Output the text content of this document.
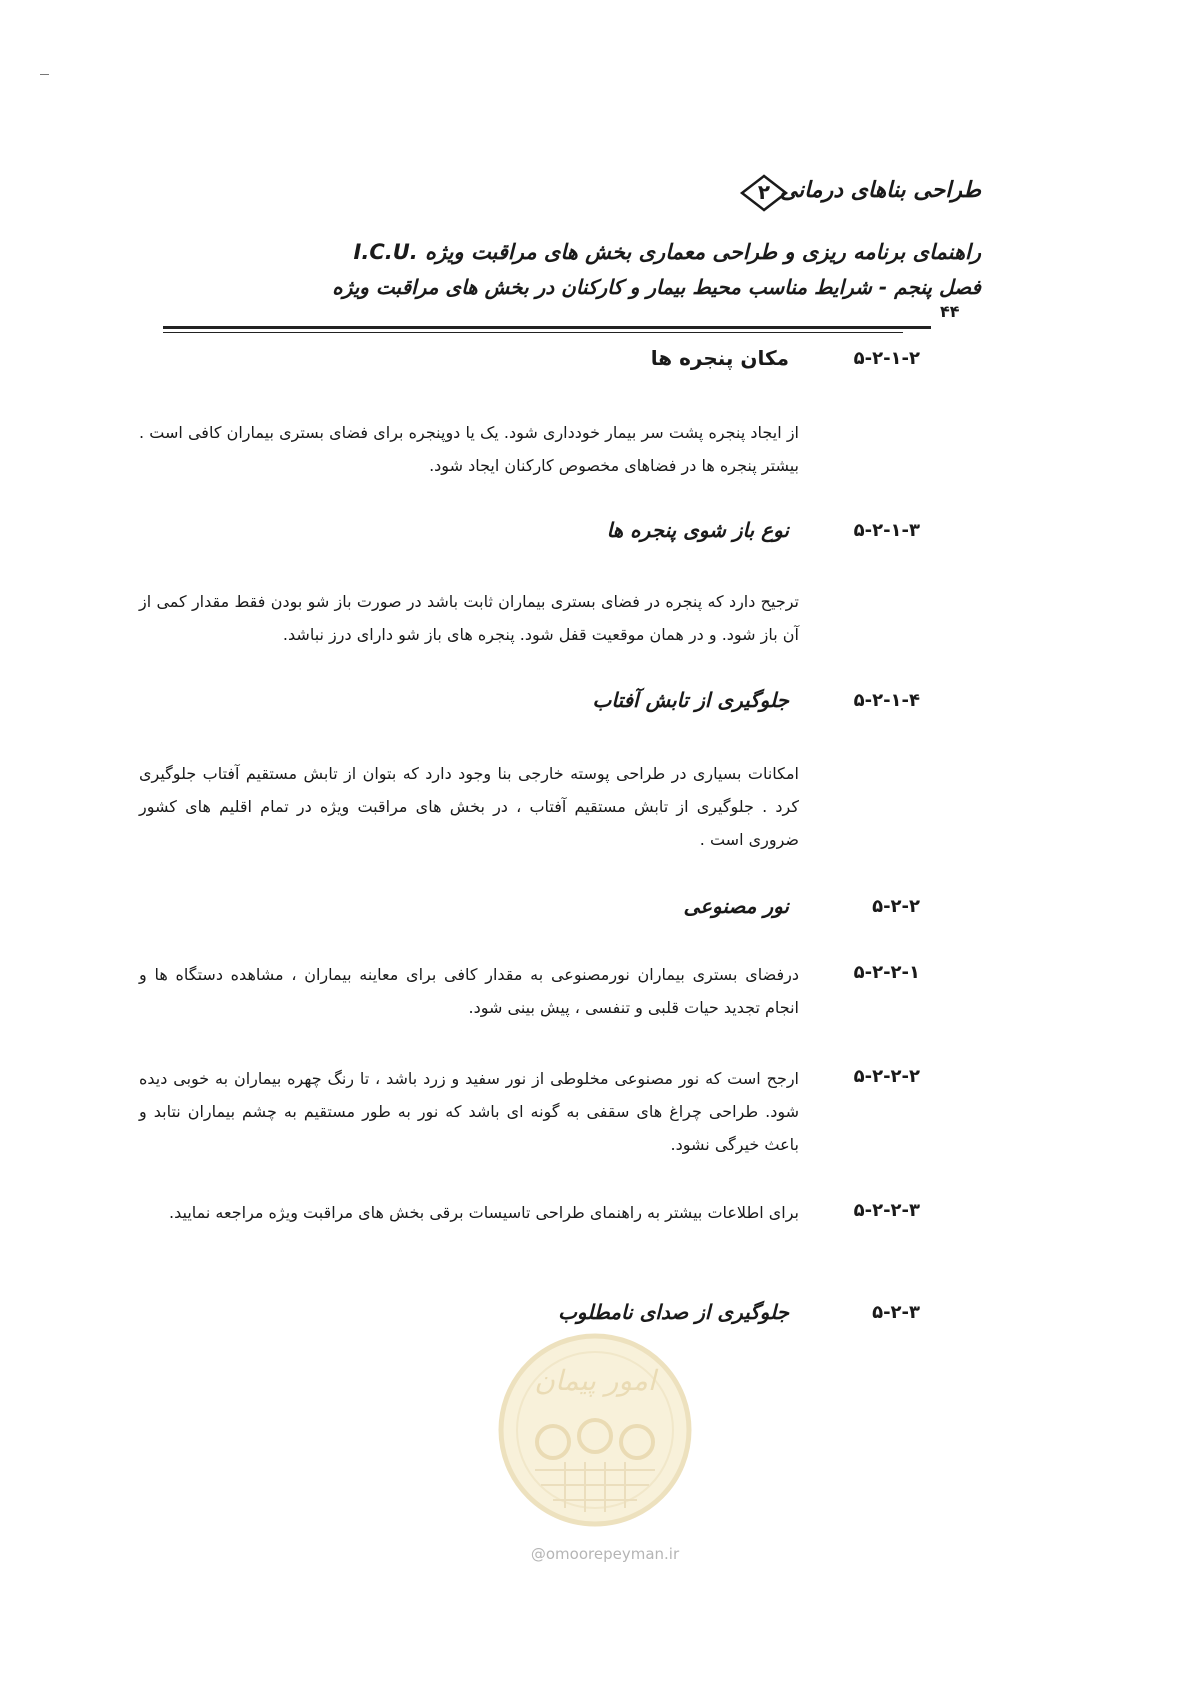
طراحی بناهای درمانی
۲
راهنمای برنامه ریزی و طراحی معماری بخش های مراقبت ویژه .I.C.U
فصل پنجم - شرایط مناسب محیط بیمار و کارکنان در بخش های مراقبت ویژه
۴۴
۵-۲-۱-۲
مکان پنجره ها
از ایجاد پنجره پشت سر بیمار خودداری شود. یک یا دوپنجره برای فضای بستری بیماران کافی است . بیشتر پنجره ها در فضاهای مخصوص کارکنان ایجاد شود.
۵-۲-۱-۳
نوع باز شوی پنجره ها
ترجیح دارد که پنجره در فضای بستری بیماران ثابت باشد در صورت باز شو بودن فقط مقدار کمی از آن باز شود. و در همان موقعیت قفل شود. پنجره های باز شو دارای درز نباشد.
۵-۲-۱-۴
جلوگیری از تابش آفتاب
امکانات بسیاری در طراحی پوسته خارجی بنا وجود دارد که بتوان از تابش مستقیم آفتاب جلوگیری کرد . جلوگیری از تابش مستقیم آفتاب ، در بخش های مراقبت ویژه در تمام اقلیم های کشور ضروری است .
۵-۲-۲
نور مصنوعی
۵-۲-۲-۱
درفضای بستری بیماران نورمصنوعی به مقدار کافی برای معاینه بیماران ، مشاهده دستگاه ها و انجام تجدید حیات قلبی و تنفسی ، پیش بینی شود.
۵-۲-۲-۲
ارجح است که نور مصنوعی مخلوطی از نور سفید و زرد باشد ، تا رنگ چهره بیماران به خوبی دیده شود. طراحی چراغ های سقفی به گونه ای باشد که نور به طور مستقیم به چشم بیماران نتابد و باعث خیرگی نشود.
۵-۲-۲-۳
برای اطلاعات بیشتر به راهنمای طراحی تاسیسات برقی بخش های مراقبت ویژه مراجعه نمایید.
۵-۲-۳
جلوگیری از صدای نامطلوب
امور پیمان
@omoorepeyman.ir
